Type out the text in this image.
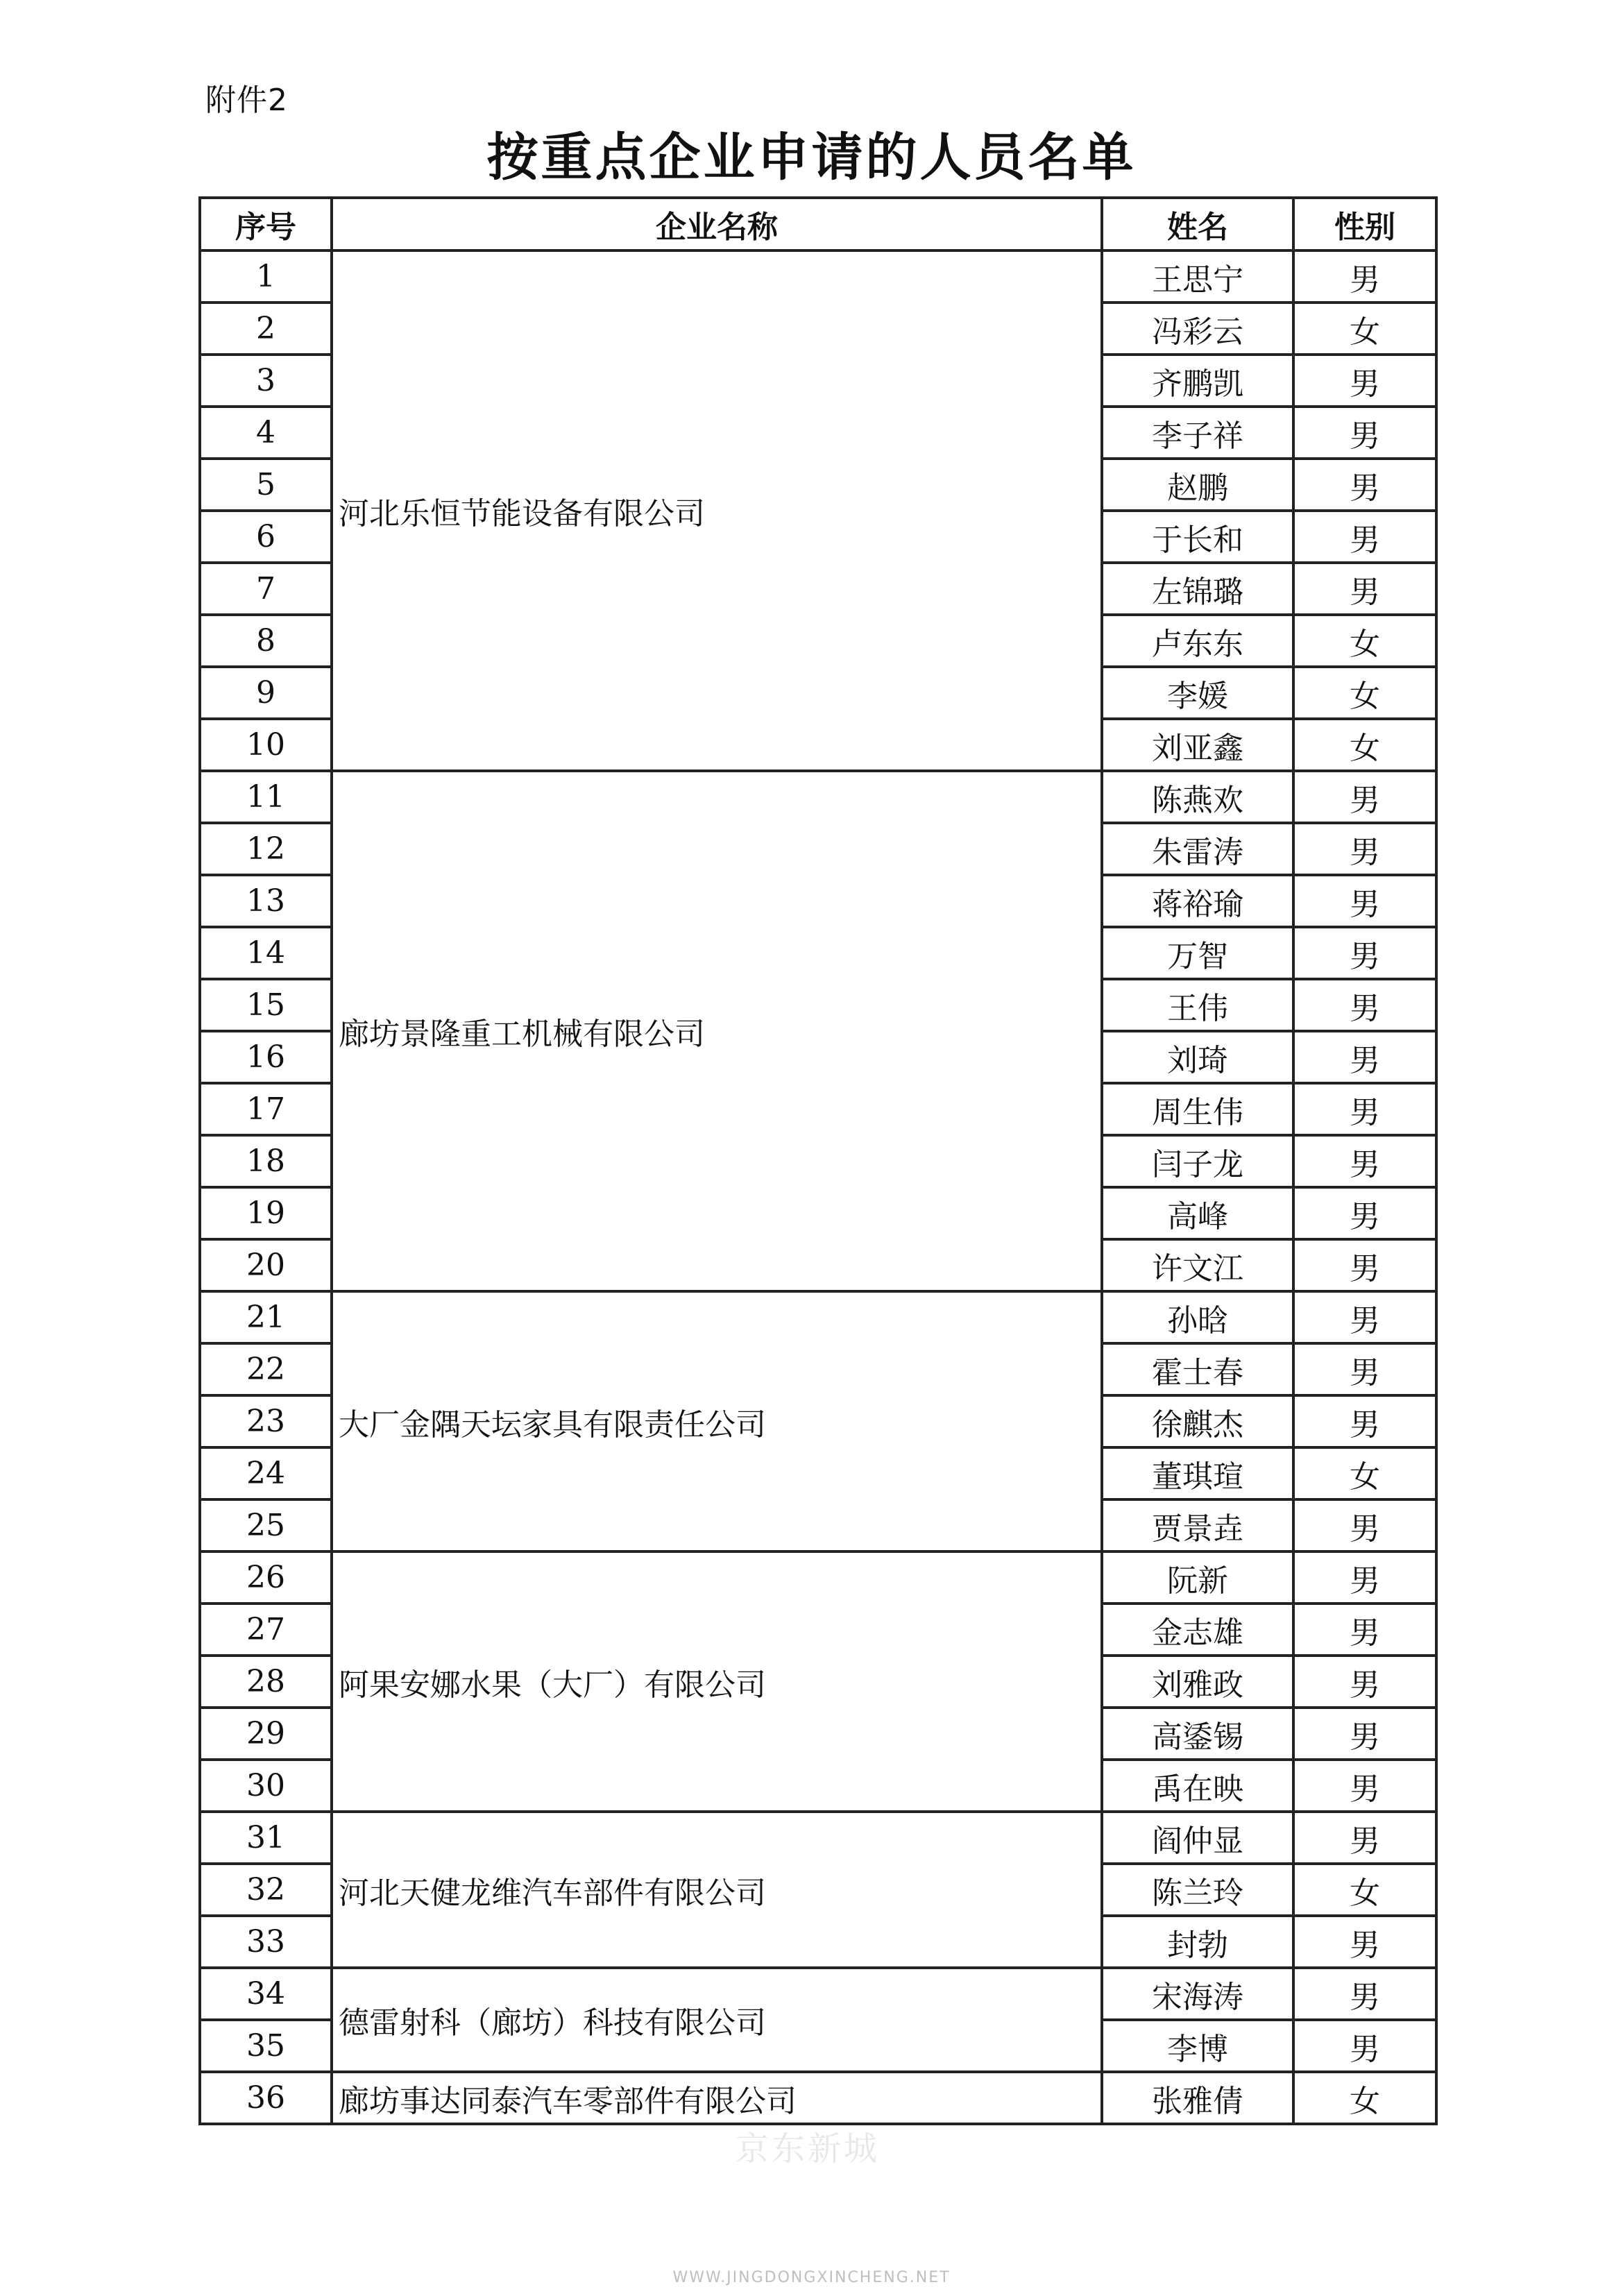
附件2
按重点企业申请的人员名单
序号	企业名称	姓名	性别
1	河北乐恒节能设备有限公司	王思宁	男
2		冯彩云	女
3		齐鹏凯	男
4		李子祥	男
5		赵鹏	男
6		于长和	男
7		左锦璐	男
8		卢东东	女
9		李媛	女
10		刘亚鑫	女
11	廊坊景隆重工机械有限公司	陈燕欢	男
12		朱雷涛	男
13		蒋裕瑜	男
14		万智	男
15		王伟	男
16		刘琦	男
17		周生伟	男
18		闫子龙	男
19		高峰	男
20		许文江	男
21	大厂金隅天坛家具有限责任公司	孙晗	男
22		霍士春	男
23		徐麒杰	男
24		董琪瑄	女
25		贾景垚	男
26	阿果安娜水果（大厂）有限公司	阮新	男
27		金志雄	男
28		刘雅政	男
29		高鋈锡	男
30		禹在映	男
31	河北天健龙维汽车部件有限公司	阎仲显	男
32		陈兰玲	女
33		封勃	男
34	德雷射科（廊坊）科技有限公司	宋海涛	男
35		李博	男
36	廊坊事达同泰汽车零部件有限公司	张雅倩	女
京东新城
WWW.JINGDONGXINCHENG.NET
